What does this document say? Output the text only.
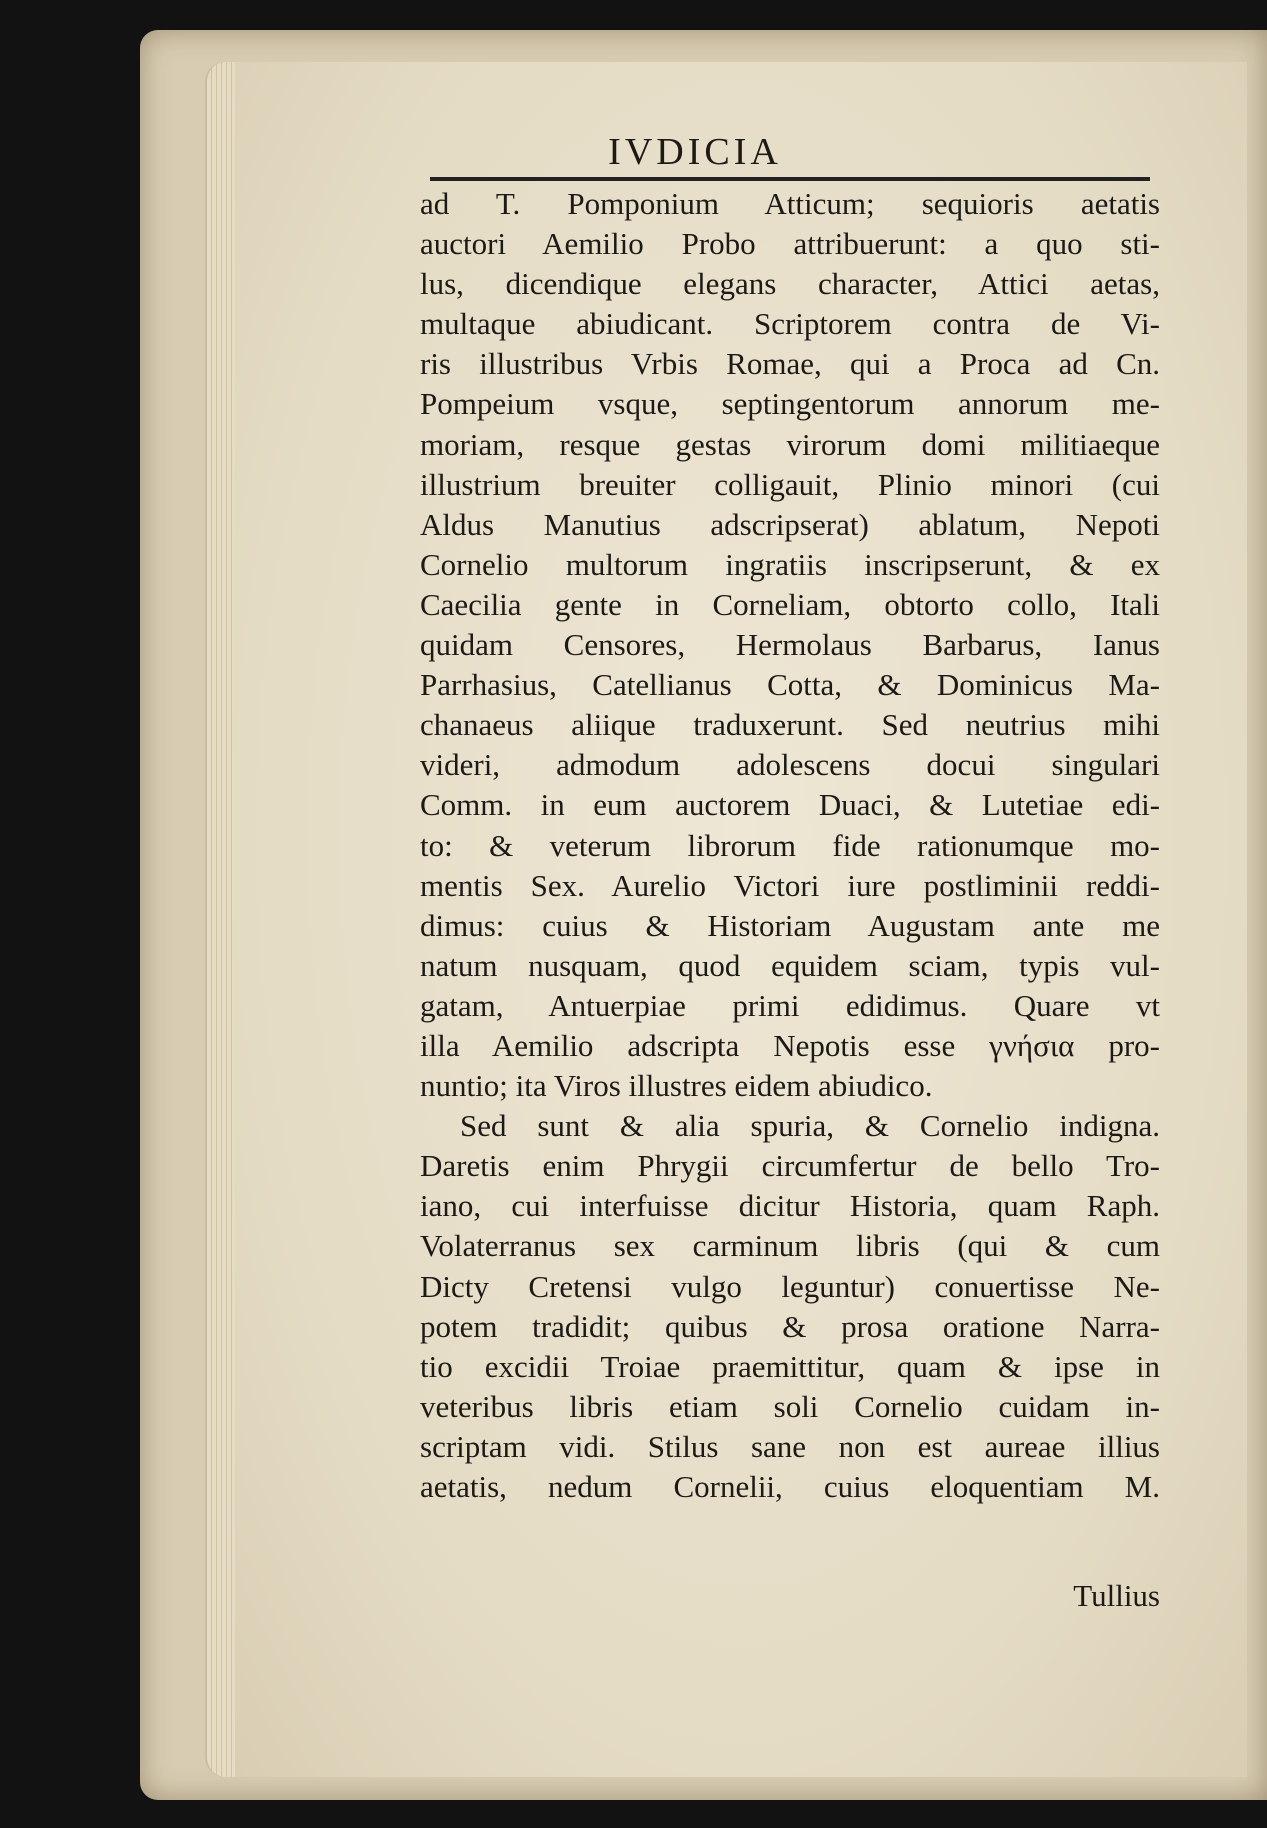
IVDICIA
ad T. Pomponium Atticum; sequioris aetatis
auctori Aemilio Probo attribuerunt: a quo sti-
lus, dicendique elegans character, Attici aetas,
multaque abiudicant. Scriptorem contra de Vi-
ris illustribus Vrbis Romae, qui a Proca ad Cn.
Pompeium vsque, septingentorum annorum me-
moriam, resque gestas virorum domi militiaeque
illustrium breuiter colligauit, Plinio minori (cui
Aldus Manutius adscripserat) ablatum, Nepoti
Cornelio multorum ingratiis inscripserunt, & ex
Caecilia gente in Corneliam, obtorto collo, Itali
quidam Censores, Hermolaus Barbarus, Ianus
Parrhasius, Catellianus Cotta, & Dominicus Ma-
chanaeus aliique traduxerunt. Sed neutrius mihi
videri, admodum adolescens docui singulari
Comm. in eum auctorem Duaci, & Lutetiae edi-
to: & veterum librorum fide rationumque mo-
mentis Sex. Aurelio Victori iure postliminii reddi-
dimus: cuius & Historiam Augustam ante me
natum nusquam, quod equidem sciam, typis vul-
gatam, Antuerpiae primi edidimus. Quare vt
illa Aemilio adscripta Nepotis esse γνήσια pro-
nuntio; ita Viros illustres eidem abiudico.
Sed sunt & alia spuria, & Cornelio indigna.
Daretis enim Phrygii circumfertur de bello Tro-
iano, cui interfuisse dicitur Historia, quam Raph.
Volaterranus sex carminum libris (qui & cum
Dicty Cretensi vulgo leguntur) conuertisse Ne-
potem tradidit; quibus & prosa oratione Narra-
tio excidii Troiae praemittitur, quam & ipse in
veteribus libris etiam soli Cornelio cuidam in-
scriptam vidi. Stilus sane non est aureae illius
aetatis, nedum Cornelii, cuius eloquentiam M.
Tullius
